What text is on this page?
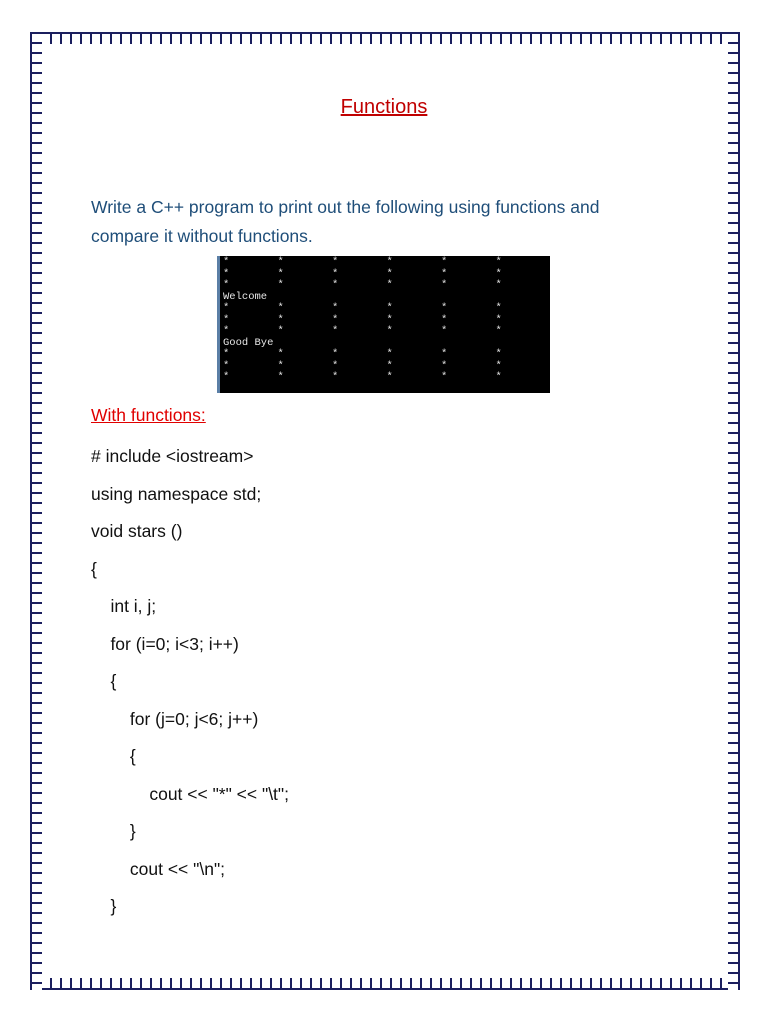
Functions
Write a C++ program to print out the following using functions and compare it without functions.
*	*	*	*	*	*
*	*	*	*	*	*
*	*	*	*	*	*
Welcome
*	*	*	*	*	*
*	*	*	*	*	*
*	*	*	*	*	*
Good Bye
*	*	*	*	*	*
*	*	*	*	*	*
*	*	*	*	*	*
With functions:
# include <iostream>
using namespace std;
void stars ()
{
int i, j;
for (i=0; i<3; i++)
{
for (j=0; j<6; j++)
{
cout << "*" << "\t";
}
cout << "\n";
}
